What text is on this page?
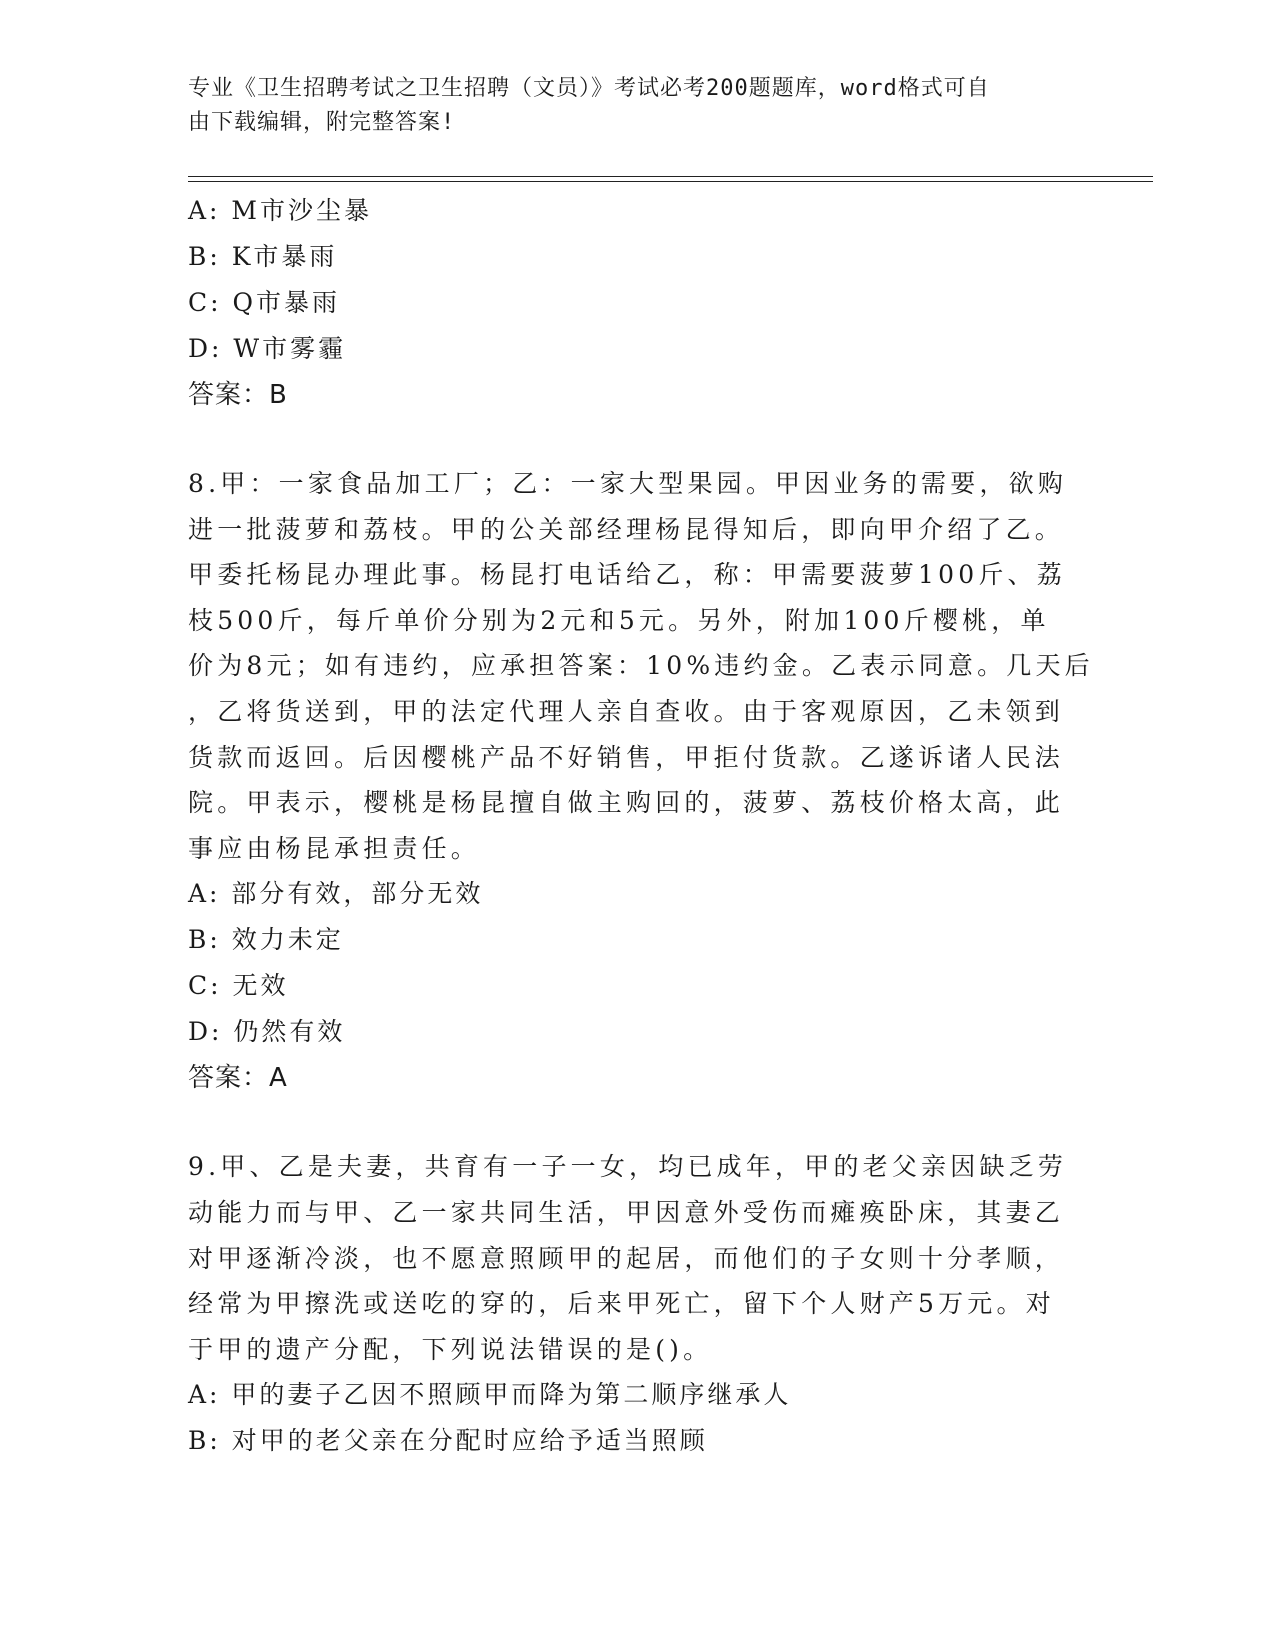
专业《卫生招聘考试之卫生招聘（文员）》考试必考200题题库，word格式可自
由下载编辑，附完整答案!
A: M市沙尘暴
B: K市暴雨
C: Q市暴雨
D: W市雾霾
答案：B

8.甲：一家食品加工厂；乙：一家大型果园。甲因业务的需要，欲购

进一批菠萝和荔枝。甲的公关部经理杨昆得知后，即向甲介绍了乙。

甲委托杨昆办理此事。杨昆打电话给乙，称：甲需要菠萝100斤、荔

枝500斤，每斤单价分别为2元和5元。另外，附加100斤樱桃，单

价为8元；如有违约，应承担答案：10%违约金。乙表示同意。几天后

，乙将货送到，甲的法定代理人亲自查收。由于客观原因，乙未领到

货款而返回。后因樱桃产品不好销售，甲拒付货款。乙遂诉诸人民法

院。甲表示，樱桃是杨昆擅自做主购回的，菠萝、荔枝价格太高，此

事应由杨昆承担责任。

A: 部分有效，部分无效
B: 效力未定
C: 无效
D: 仍然有效
答案：A

9.甲、乙是夫妻，共育有一子一女，均已成年，甲的老父亲因缺乏劳

动能力而与甲、乙一家共同生活，甲因意外受伤而瘫痪卧床，其妻乙

对甲逐渐冷淡，也不愿意照顾甲的起居，而他们的子女则十分孝顺，

经常为甲擦洗或送吃的穿的，后来甲死亡，留下个人财产5万元。对

于甲的遗产分配，下列说法错误的是()。

A: 甲的妻子乙因不照顾甲而降为第二顺序继承人
B: 对甲的老父亲在分配时应给予适当照顾
